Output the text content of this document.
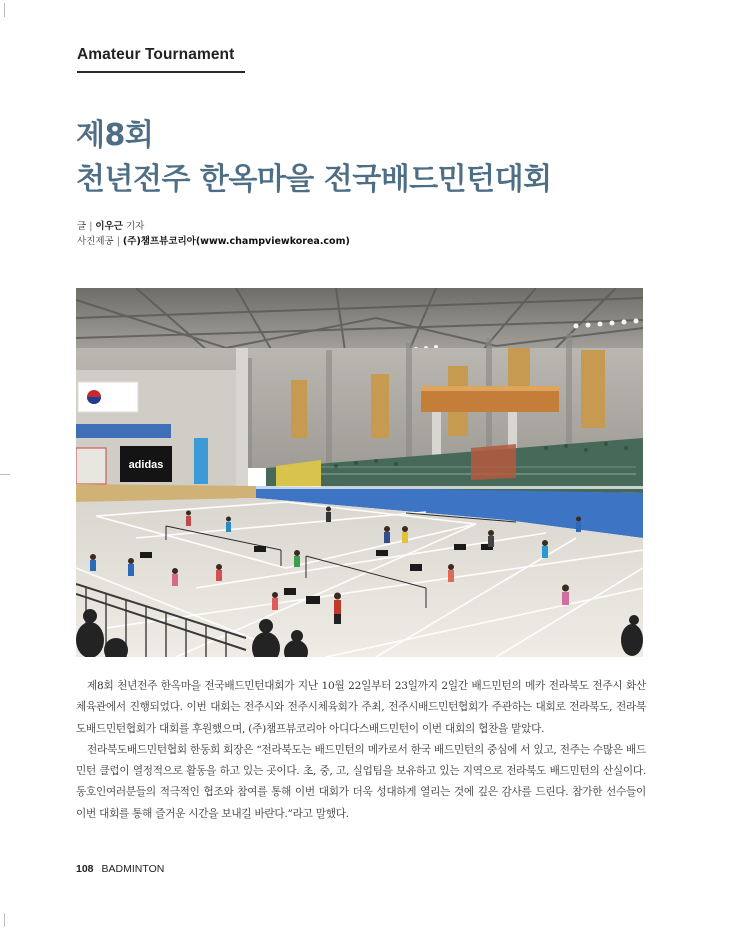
Amateur Tournament
제8회
천년전주 한옥마을 전국배드민턴대회
글 | 이우근 기자
사진제공 | (주)챔프뷰코리아(www.champviewkorea.com)
adidas

제8회 천년전주 한옥마을 전국배드민턴대회가 지난 10월 22일부터 23일까지 2일간 배드민턴의 메카 전라북도 전주시 화산체육관에서 진행되었다. 이번 대회는 전주시와 전주시체육회가 주최, 전주시배드민턴협회가 주관하는 대회로 전라북도, 전라북도배드민턴협회가 대회를 후원했으며, (주)챔프뷰코리아 아디다스배드민턴이 이번 대회의 협찬을 맡았다.

전라북도배드민턴협회 한동희 회장은 “전라북도는 배드민턴의 메카로서 한국 배드민턴의 중심에 서 있고, 전주는 수많은 배드민턴 클럽이 열정적으로 활동을 하고 있는 곳이다. 초, 중, 고, 실업팀을 보유하고 있는 지역으로 전라북도 배드민턴의 산실이다. 동호인여러분들의 적극적인 협조와 참여를 통해 이번 대회가 더욱 성대하게 열리는 것에 깊은 감사를 드린다. 참가한 선수들이 이번 대회를 통해 즐거운 시간을 보내길 바란다.”라고 말했다.

108 BADMINTON
